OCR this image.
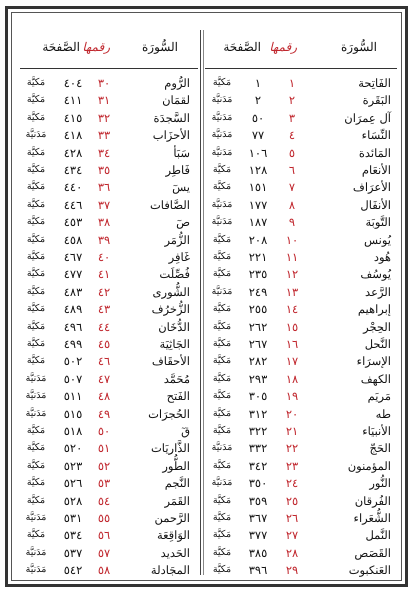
السُّورَة
رقمها
الصَّفحَة
الفَاتِحة
١
١
مَكيَّة
البَقَرة
٢
٢
مَدَنيَّة
آل عِمرَان
٣
٥٠
مَدَنيَّة
النِّسَاء
٤
٧٧
مَدَنيَّة
المَائدة
٥
١٠٦
مَدَنيَّة
الأنعَام
٦
١٢٨
مَكيَّة
الأعرَاف
٧
١٥١
مَكيَّة
الأنفَال
٨
١٧٧
مَدَنيَّة
التَّوبَة
٩
١٨٧
مَدَنيَّة
يُونس
١٠
٢٠٨
مَكيَّة
هُود
١١
٢٢١
مَكيَّة
يُوسُف
١٢
٢٣٥
مَكيَّة
الرَّعد
١٣
٢٤٩
مَدَنيَّة
إبراهيم
١٤
٢٥٥
مَكيَّة
الحِجْر
١٥
٢٦٢
مَكيَّة
النَّحل
١٦
٢٦٧
مَكيَّة
الإسرَاء
١٧
٢٨٢
مَكيَّة
الكهف
١٨
٢٩٣
مَكيَّة
مَريَم
١٩
٣٠٥
مَكيَّة
طه
٢٠
٣١٢
مَكيَّة
الأنبيَاء
٢١
٣٢٢
مَكيَّة
الحَجّ
٢٢
٣٣٢
مَدَنيَّة
المؤمنون
٢٣
٣٤٢
مَكيَّة
النُّور
٢٤
٣٥٠
مَدَنيَّة
الفُرقان
٢٥
٣٥٩
مَكيَّة
الشُّعَراء
٢٦
٣٦٧
مَكيَّة
النَّمل
٢٧
٣٧٧
مَكيَّة
القَصَص
٢٨
٣٨٥
مَكيَّة
العَنكبوت
٢٩
٣٩٦
مَكيَّة
السُّورَة
رقمها
الصَّفحَة
الرُّوم
٣٠
٤٠٤
مَكيَّة
لقمَان
٣١
٤١١
مَكيَّة
السَّجدَة
٣٢
٤١٥
مَكيَّة
الأحزَاب
٣٣
٤١٨
مَدَنيَّة
سَبَأ
٣٤
٤٢٨
مَكيَّة
فَاطِر
٣٥
٤٣٤
مَكيَّة
يسٓ
٣٦
٤٤٠
مَكيَّة
الصَّافات
٣٧
٤٤٦
مَكيَّة
صٓ
٣٨
٤٥٣
مَكيَّة
الزُّمَر
٣٩
٤٥٨
مَكيَّة
غَافِر
٤٠
٤٦٧
مَكيَّة
فُصِّلَت
٤١
٤٧٧
مَكيَّة
الشُّورى
٤٢
٤٨٣
مَكيَّة
الزُّخرُف
٤٣
٤٨٩
مَكيَّة
الدُّخَان
٤٤
٤٩٦
مَكيَّة
الجَاثِيَة
٤٥
٤٩٩
مَكيَّة
الأحقَاف
٤٦
٥٠٢
مَكيَّة
مُحَمَّد
٤٧
٥٠٧
مَدَنيَّة
الفَتح
٤٨
٥١١
مَدَنيَّة
الحُجرَات
٤٩
٥١٥
مَدَنيَّة
قٓ
٥٠
٥١٨
مَكيَّة
الذَّاريَات
٥١
٥٢٠
مَكيَّة
الطُّور
٥٢
٥٢٣
مَكيَّة
النَّجم
٥٣
٥٢٦
مَكيَّة
القَمَر
٥٤
٥٢٨
مَكيَّة
الرَّحمن
٥٥
٥٣١
مَدَنيَّة
الوَاقِعَة
٥٦
٥٣٤
مَكيَّة
الحَديد
٥٧
٥٣٧
مَدَنيَّة
المجَادلة
٥٨
٥٤٢
مَدَنيَّة
